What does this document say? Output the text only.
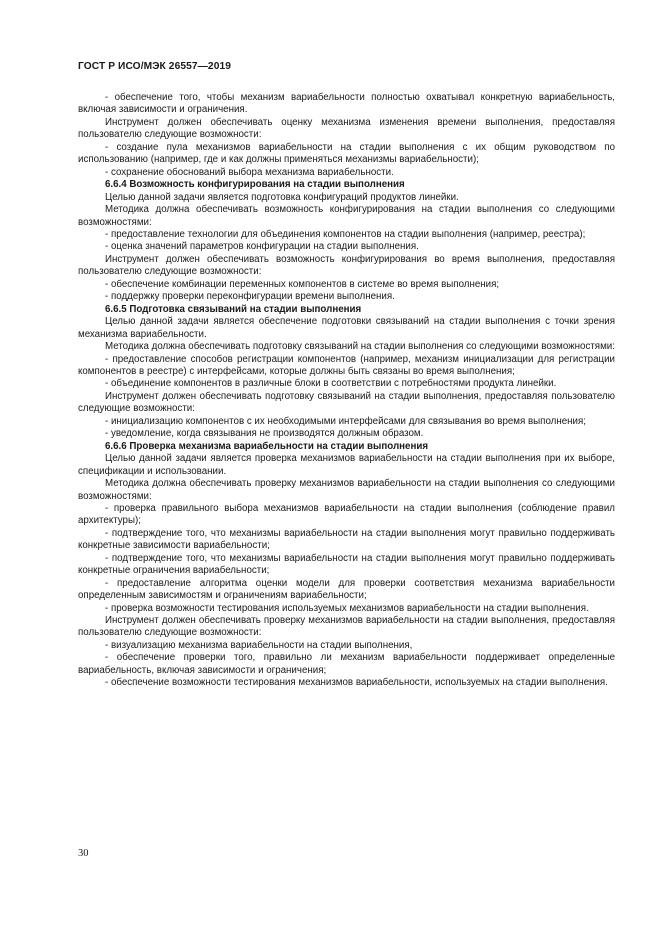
ГОСТ Р ИСО/МЭК 26557—2019

- обеспечение того, чтобы механизм вариабельности полностью охватывал конкретную вариабельность, включая зависимости и ограничения.

Инструмент должен обеспечивать оценку механизма изменения времени выполнения, предоставляя пользователю следующие возможности:

- создание пула механизмов вариабельности на стадии выполнения с их общим руководством по использованию (например, где и как должны применяться механизмы вариабельности);

- сохранение обоснований выбора механизма вариабельности.

6.6.4 Возможность конфигурирования на стадии выполнения

Целью данной задачи является подготовка конфигураций продуктов линейки.

Методика должна обеспечивать возможность конфигурирования на стадии выполнения со следующими возможностями:

- предоставление технологии для объединения компонентов на стадии выполнения (например, реестра);

- оценка значений параметров конфигурации на стадии выполнения.

Инструмент должен обеспечивать возможность конфигурирования во время выполнения, предоставляя пользователю следующие возможности:

- обеспечение комбинации переменных компонентов в системе во время выполнения;

- поддержку проверки переконфигурации времени выполнения.

6.6.5 Подготовка связываний на стадии выполнения

Целью данной задачи является обеспечение подготовки связываний на стадии выполнения с точки зрения механизма вариабельности.

Методика должна обеспечивать подготовку связываний на стадии выполнения со следующими возможностями:

- предоставление способов регистрации компонентов (например, механизм инициализации для регистрации компонентов в реестре) с интерфейсами, которые должны быть связаны во время выполнения;

- объединение компонентов в различные блоки в соответствии с потребностями продукта линейки.

Инструмент должен обеспечивать подготовку связываний на стадии выполнения, предоставляя пользователю следующие возможности:

- инициализацию компонентов с их необходимыми интерфейсами для связывания во время выполнения;

- уведомление, когда связывания не производятся должным образом.

6.6.6 Проверка механизма вариабельности на стадии выполнения

Целью данной задачи является проверка механизмов вариабельности на стадии выполнения при их выборе, спецификации и использовании.

Методика должна обеспечивать проверку механизмов вариабельности на стадии выполнения со следующими возможностями:

- проверка правильного выбора механизмов вариабельности на стадии выполнения (соблюдение правил архитектуры);

- подтверждение того, что механизмы вариабельности на стадии выполнения могут правильно поддерживать конкретные зависимости вариабельности;

- подтверждение того, что механизмы вариабельности на стадии выполнения могут правильно поддерживать конкретные ограничения вариабельности;

- предоставление алгоритма оценки модели для проверки соответствия механизма вариабельности определенным зависимостям и ограничениям вариабельности;

- проверка возможности тестирования используемых механизмов вариабельности на стадии выполнения.

Инструмент должен обеспечивать проверку механизмов вариабельности на стадии выполнения, предоставляя пользователю следующие возможности:

- визуализацию механизма вариабельности на стадии выполнения,

- обеспечение проверки того, правильно ли механизм вариабельности поддерживает определенные вариабельность, включая зависимости и ограничения;

- обеспечение возможности тестирования механизмов вариабельности, используемых на стадии выполнения.

30
